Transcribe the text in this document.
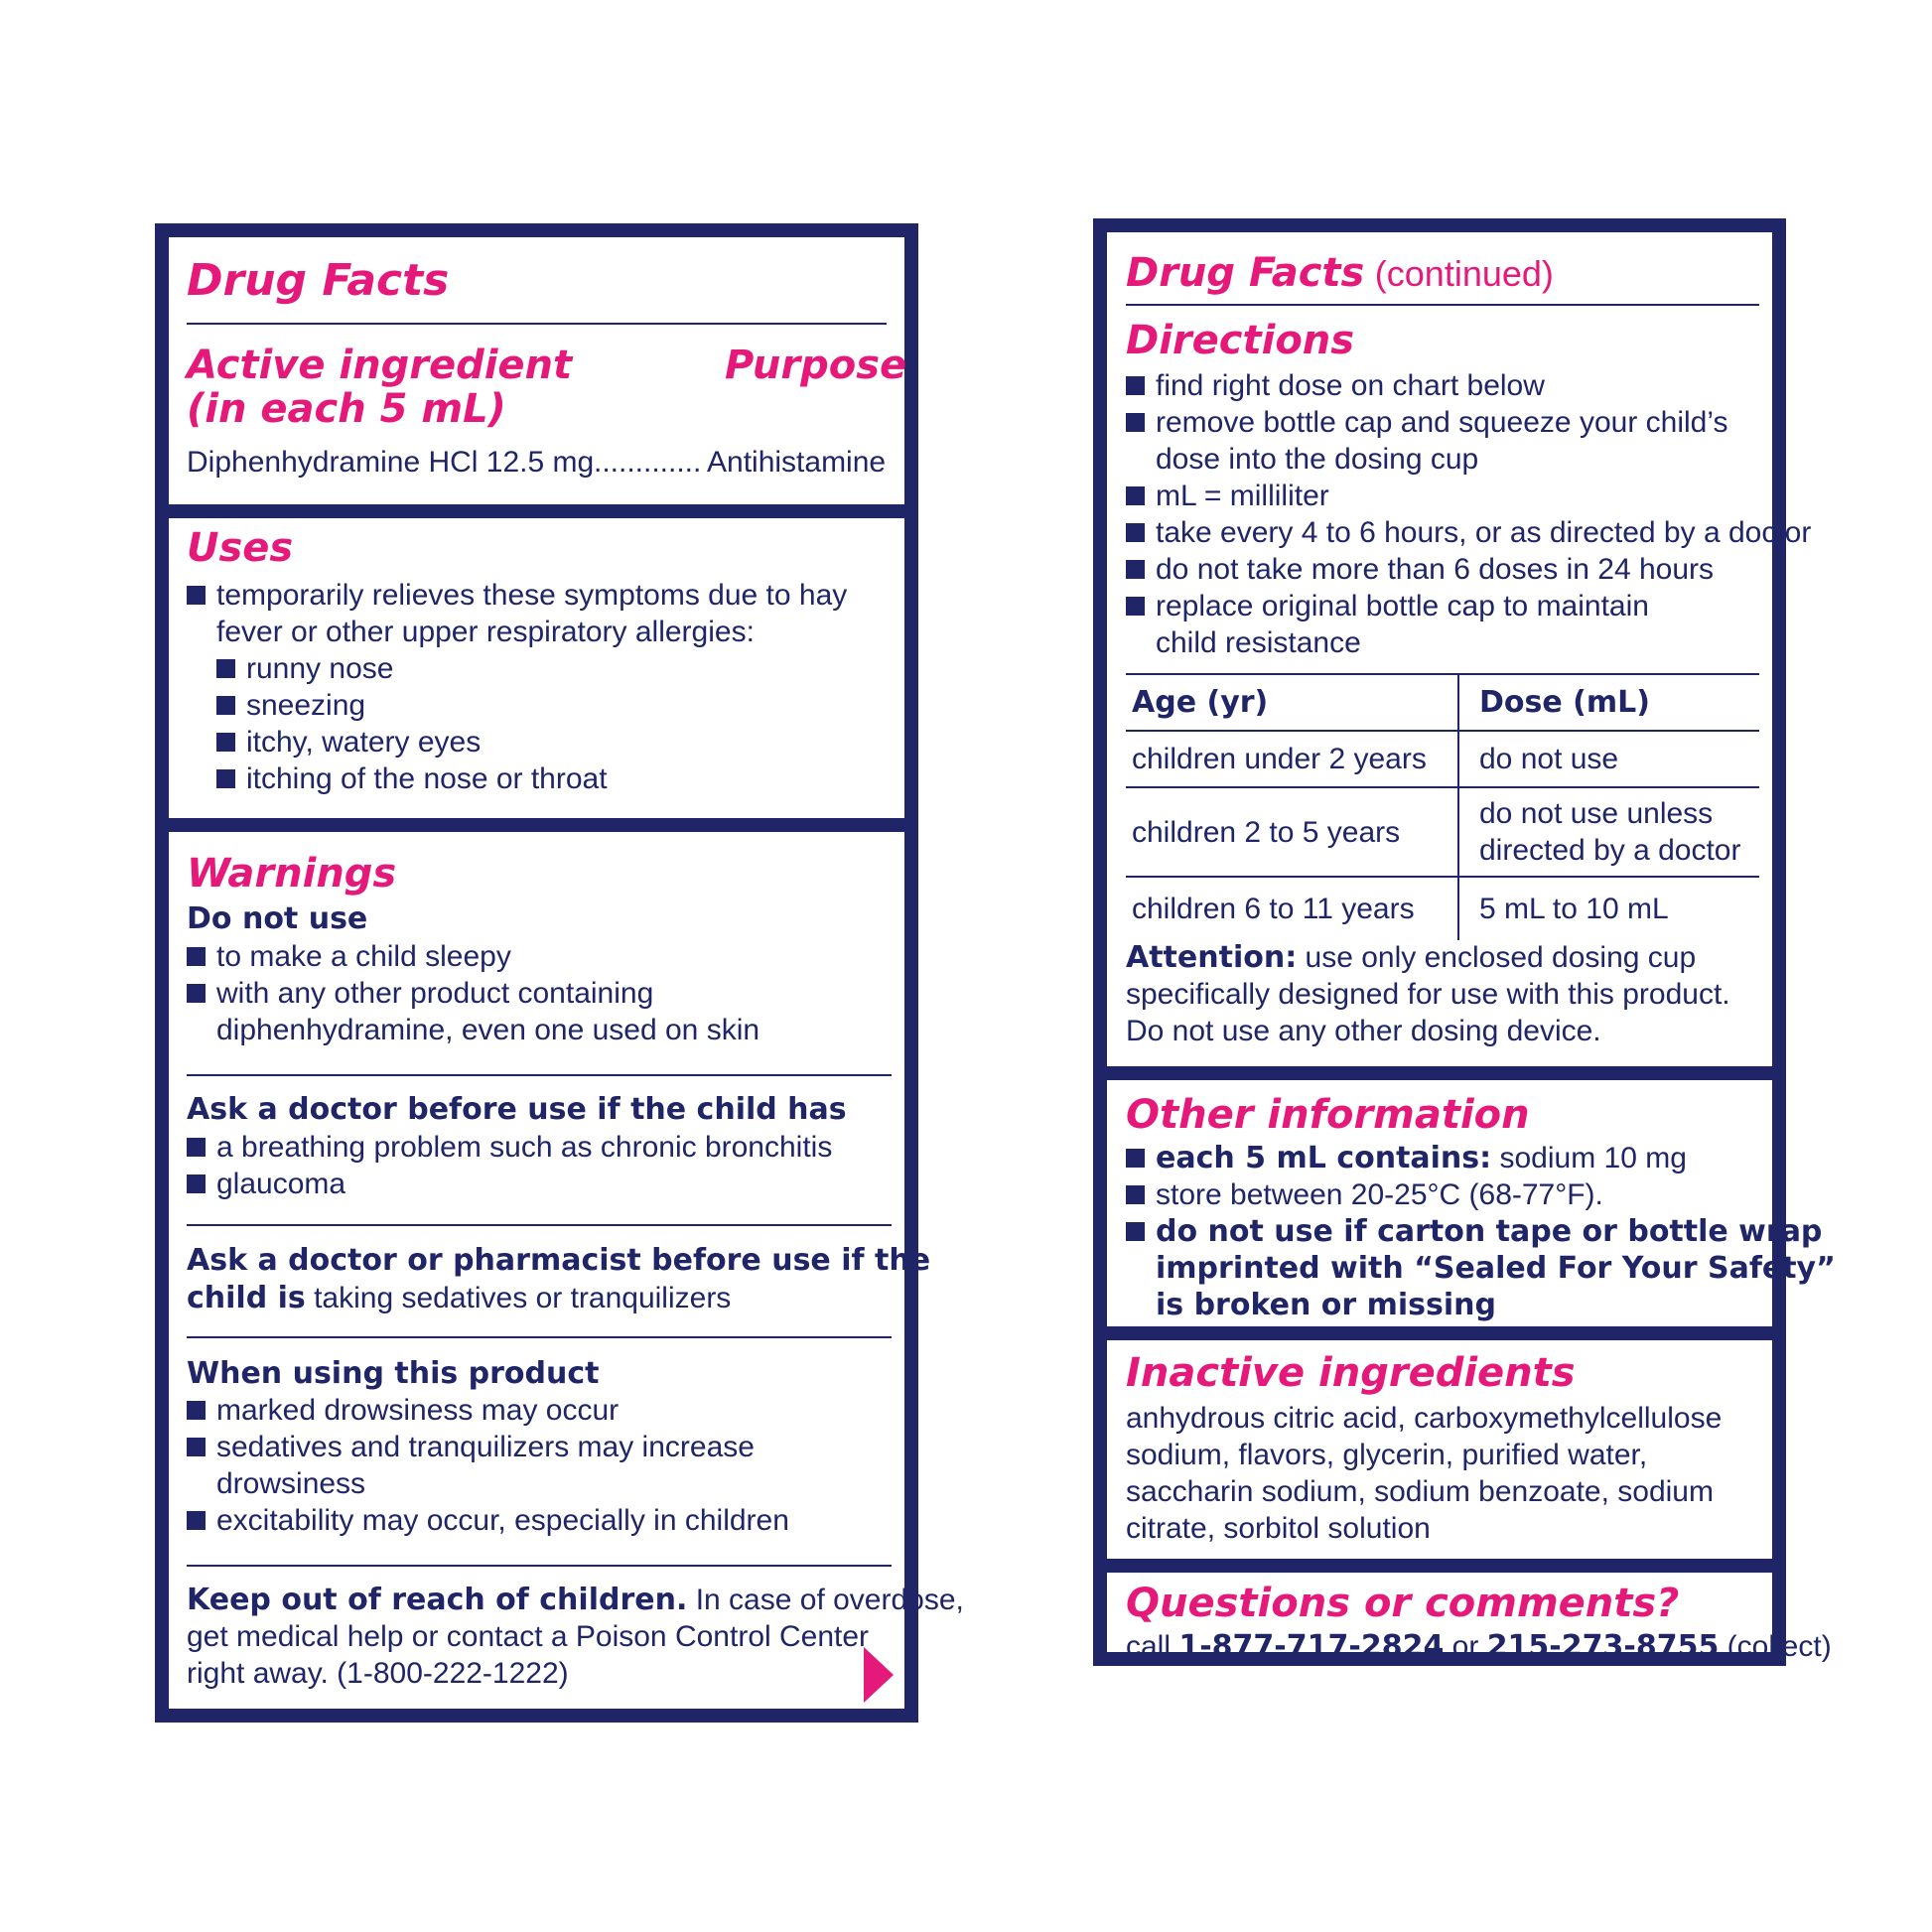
Drug Facts
Active ingredient
(in each 5 mL)
Purpose
Diphenhydramine HCl 12.5 mg ............. Antihistamine
Uses
temporarily relieves these symptoms due to hay
fever or other upper respiratory allergies:
runny nose
sneezing
itchy, watery eyes
itching of the nose or throat
Warnings
Do not use
to make a child sleepy
with any other product containing
diphenhydramine, even one used on skin
Ask a doctor before use if the child has
a breathing problem such as chronic bronchitis
glaucoma
Ask a doctor or pharmacist before use if the
child is taking sedatives or tranquilizers
When using this product
marked drowsiness may occur
sedatives and tranquilizers may increase
drowsiness
excitability may occur, especially in children
Keep out of reach of children. In case of overdose,
get medical help or contact a Poison Control Center
right away. (1-800-222-1222)
Drug Facts (continued)
Directions
find right dose on chart below
remove bottle cap and squeeze your child’s
dose into the dosing cup
mL = milliliter
take every 4 to 6 hours, or as directed by a doctor
do not take more than 6 doses in 24 hours
replace original bottle cap to maintain
child resistance
Age (yr)	Dose (mL)
children under 2 years	do not use
children 2 to 5 years	do not use unless
directed by a doctor

children 6 to 11 years	5 mL to 10 mL
Attention: use only enclosed dosing cup
specifically designed for use with this product.
Do not use any other dosing device.
Other information
each 5 mL contains: sodium 10 mg
store between 20-25°C (68-77°F).
do not use if carton tape or bottle wrap
imprinted with “Sealed For Your Safety”
is broken or missing
Inactive ingredients
anhydrous citric acid, carboxymethylcellulose
sodium, flavors, glycerin, purified water,
saccharin sodium, sodium benzoate, sodium
citrate, sorbitol solution
Questions or comments?
call 1-877-717-2824 or 215-273-8755 (collect)
